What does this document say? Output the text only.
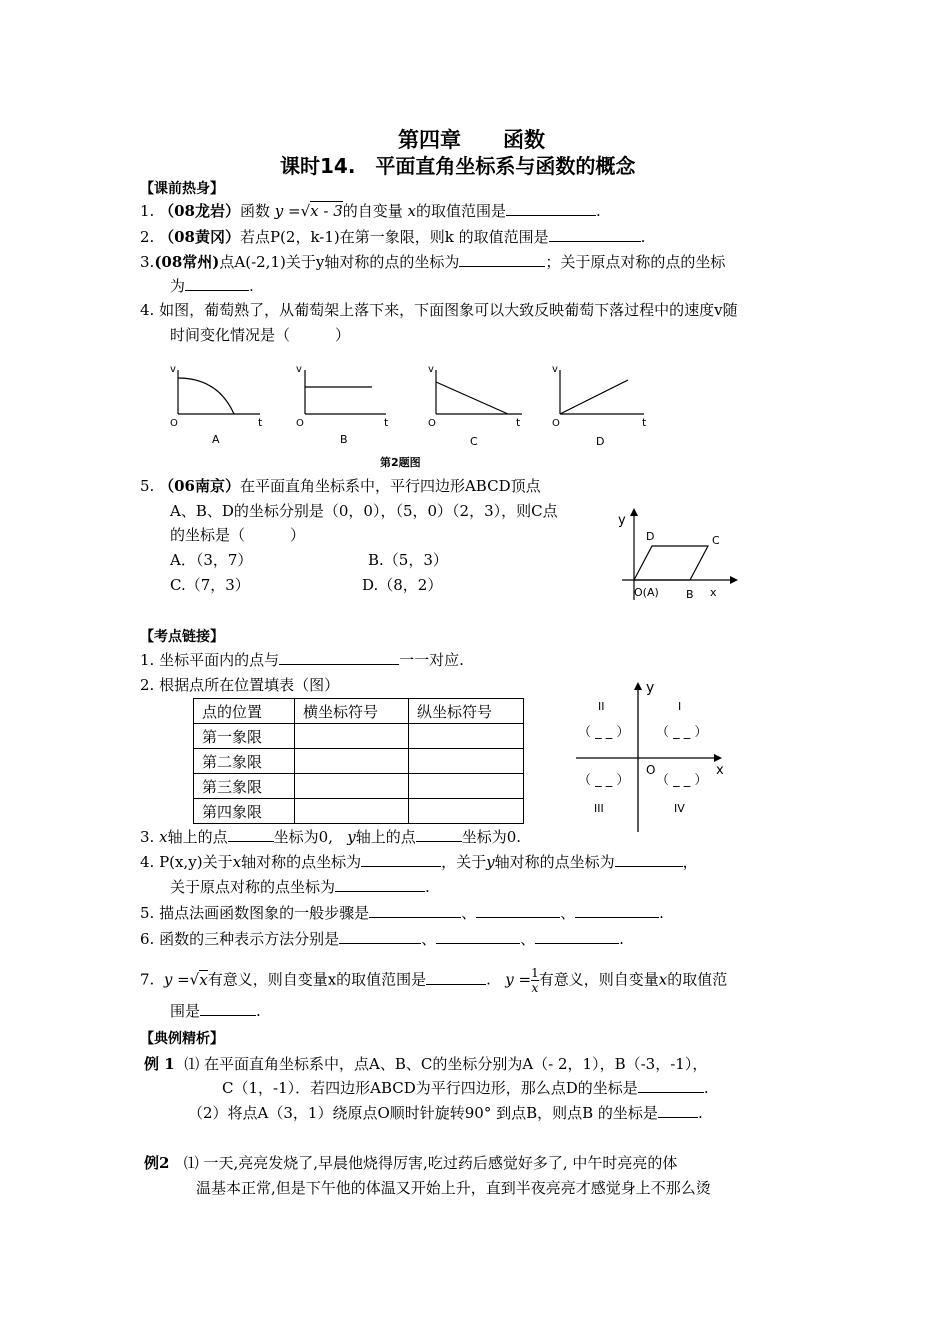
第四章　　函数
课时14.　平面直角坐标系与函数的概念
【课前热身】
1. （08龙岩）函数 y =√x - 3的自变量 x的取值范围是	.
2. （08黄冈）若点P(2，k-1)在第一象限，则k 的取值范围是	.
3.(08常州)点A(-2,1)关于y轴对称的点的坐标为	；关于原点对称的点的坐标
为	.
4. 如图，葡萄熟了，从葡萄架上落下来，下面图象可以大致反映葡萄下落过程中的速度v随
时间变化情况是（　　　）
v
O	t
A
v
O	t
B
v
O	t
C
v
O	t
D
第2题图
5. （06南京）在平面直角坐标系中，平行四边形ABCD顶点
A、B、D的坐标分别是（0，0），（5，0）（2，3），则C点
的坐标是（　　　）
A．（3，7）	B.（5，3）
C.（7，3）	D.（8，2）
y
D	C
O(A) B x
【考点链接】
1. 坐标平面内的点与	一一对应.
2. 根据点所在位置填表（图）
点的位置	横坐标符号	纵坐标符号
第一象限		
第二象限		
第三象限		
第四象限		
y
x
O
II	I
III	IV
（ _ _ ） （ _ _ ）
（ _ _ ） （ _ _ ）
3. x轴上的点	坐标为0, y轴上的点	坐标为0.
4. P(x,y)关于x轴对称的点坐标为	，关于y轴对称的点坐标为	，
关于原点对称的点坐标为	.
5. 描点法画函数图象的一般步骤是	、	、	.
6. 函数的三种表示方法分别是	、	、	.
7. y =√x有意义，则自变量x的取值范围是	. $y = \frac{1}{x}$ 有意义，则自变量x的取值范
围是	.
【典例精析】
例 1 ⑴ 在平面直角坐标系中，点A、B、C的坐标分别为A（- 2，1），B（-3，-1），
C（1，-1）．若四边形ABCD为平行四边形，那么点D的坐标是	.
（2）将点A（3，1）绕原点O顺时针旋转90° 到点B，则点B 的坐标是	.
例2 ⑴ 一天,亮亮发烧了,早晨他烧得厉害,吃过药后感觉好多了, 中午时亮亮的体
温基本正常,但是下午他的体温又开始上升，直到半夜亮亮才感觉身上不那么烫
